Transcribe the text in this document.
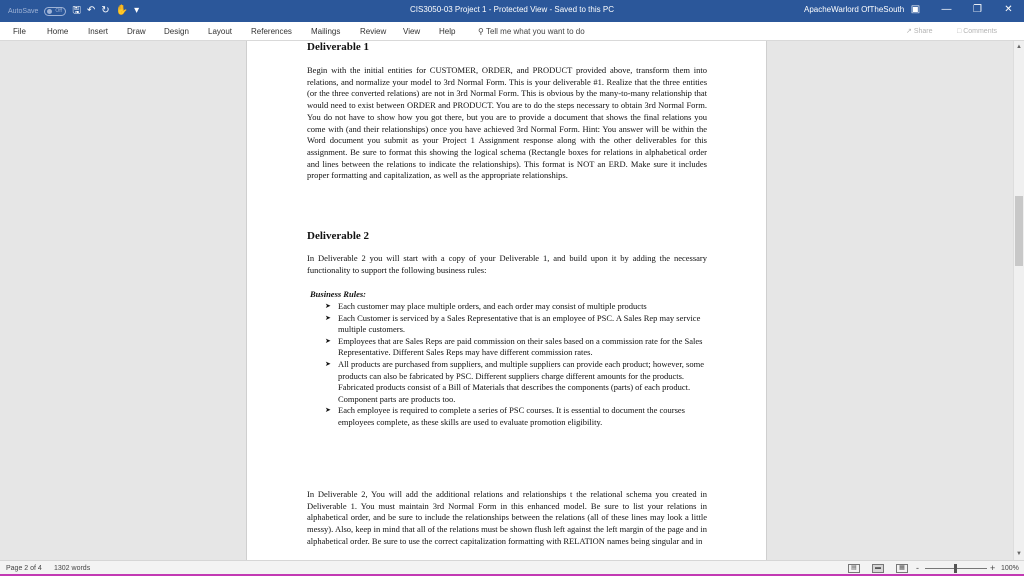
AutoSave	Off	🖫 ↶ ↻ ✋ ▾	CIS3050-03 Project 1 - Protected View - Saved to this PC	ApacheWarlord OfTheSouth ▣	—	❐	✕
File	Home Insert Draw Design Layout References Mailings Review View Help	⚲ Tell me what you want to do	↗ Share	□ Comments
Deliverable 1

Begin with the initial entities for CUSTOMER, ORDER, and PRODUCT provided above, transform them into relations, and normalize your model to 3rd Normal Form. This is your deliverable #1. Realize that the three entities (or the three converted relations) are not in 3rd Normal Form. This is obvious by the many-to-many relationship that would need to exist between ORDER and PRODUCT. You are to do the steps necessary to obtain 3rd Normal Form. You do not have to show how you got there, but you are to provide a document that shows the final relations you come with (and their relationships) once you have achieved 3rd Normal Form. Hint: You answer will be within the Word document you submit as your Project 1 Assignment response along with the other deliverables for this assignment. Be sure to format this showing the logical schema (Rectangle boxes for relations in alphabetical order and lines between the relations to indicate the relationships). This format is NOT an ERD. Make sure it includes proper formatting and capitalization, as well as the appropriate relationships.

Deliverable 2

In Deliverable 2 you will start with a copy of your Deliverable 1, and build upon it by adding the necessary functionality to support the following business rules:

Business Rules:
➤ Each customer may place multiple orders, and each order may consist of multiple products
➤ Each Customer is serviced by a Sales Representative that is an employee of PSC. A Sales Rep may service multiple customers.
➤ Employees that are Sales Reps are paid commission on their sales based on a commission rate for the Sales Representative. Different Sales Reps may have different commission rates.
➤ All products are purchased from suppliers, and multiple suppliers can provide each product; however, some products can also be fabricated by PSC. Different suppliers charge different amounts for the products. Fabricated products consist of a Bill of Materials that describes the components (parts) of each product. Component parts are products too.
➤ Each employee is required to complete a series of PSC courses. It is essential to document the courses employees complete, as these skills are used to evaluate promotion eligibility.

In Deliverable 2, You will add the additional relations and relationships t the relational schema you created in Deliverable 1. You must maintain 3rd Normal Form in this enhanced model. Be sure to list your relations in alphabetical order, and be sure to include the relationships between the relations (all of these lines may look a little messy). Also, keep in mind that all of the relations must be shown flush left against the left margin of the page and in alphabetical order. Be sure to use the correct capitalization formatting with RELATION names being singular and in

▲
▼
Page 2 of 4 1302 words	▤	▬	▦	-	+ 100%
